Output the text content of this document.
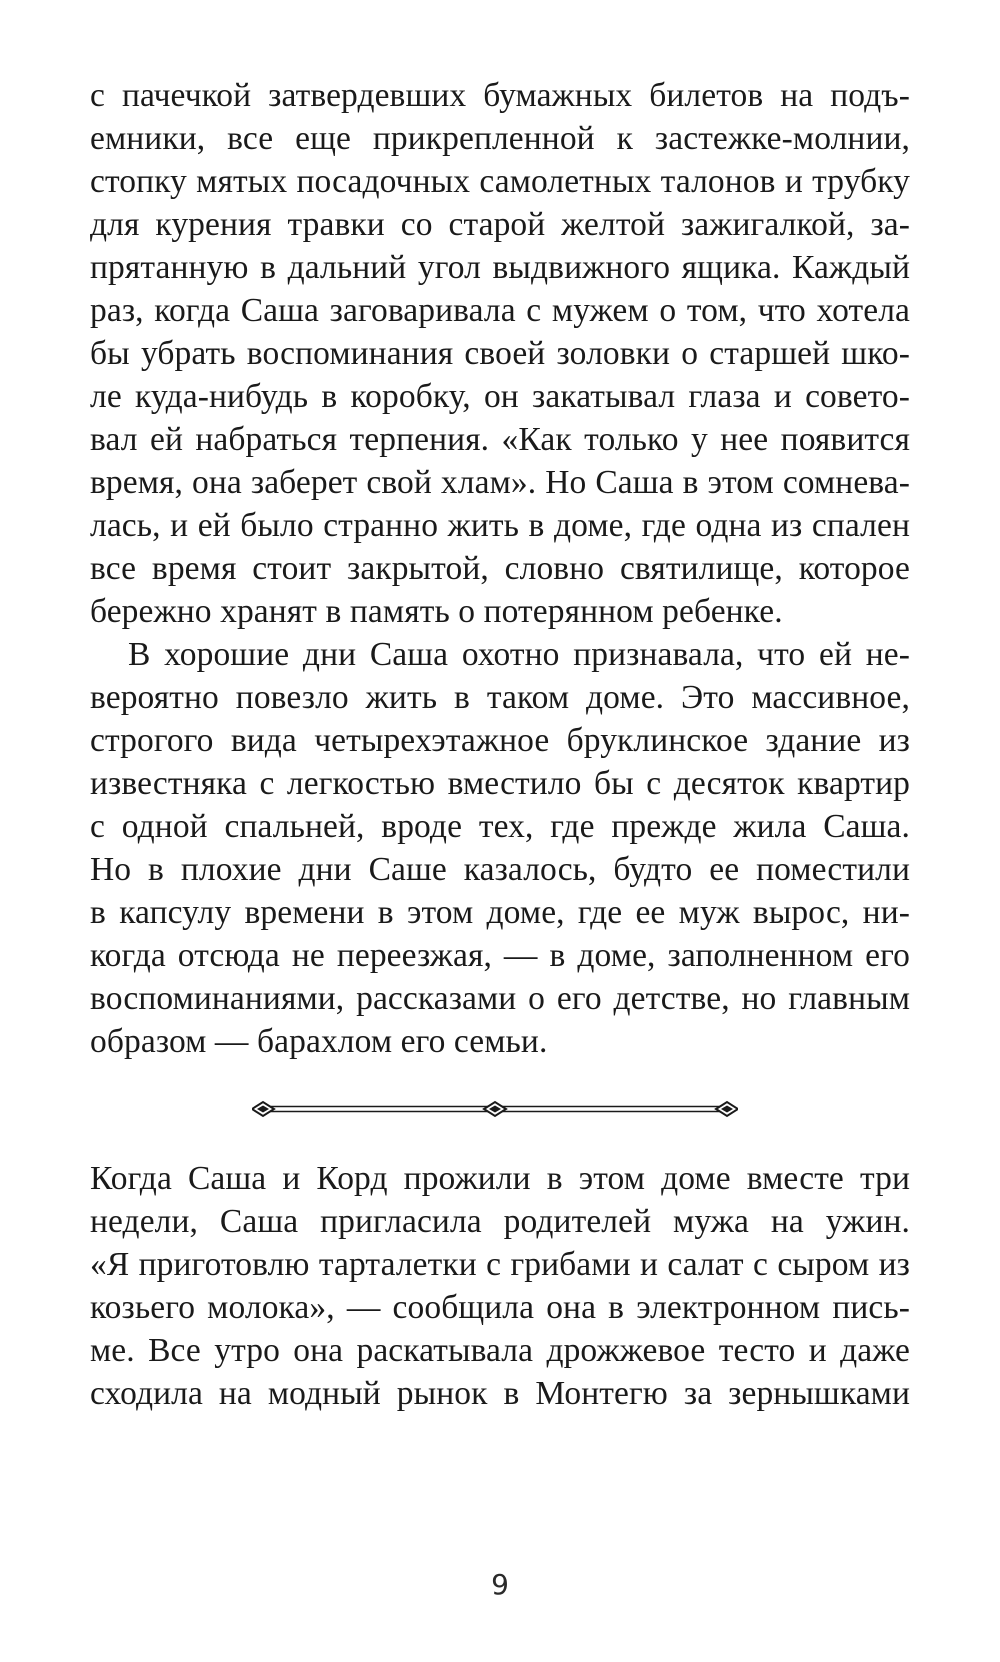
с пачечкой затвердевших бумажных билетов на подъ-
емники, все еще прикрепленной к застежке-молнии,
стопку мятых посадочных самолетных талонов и трубку
для курения травки со старой желтой зажигалкой, за-
прятанную в дальний угол выдвижного ящика. Каждый
раз, когда Саша заговаривала с мужем о том, что хотела
бы убрать воспоминания своей золовки о старшей шко-
ле куда-нибудь в коробку, он закатывал глаза и совето-
вал ей набраться терпения. «Как только у нее появится
время, она заберет свой хлам». Но Саша в этом сомнева-
лась, и ей было странно жить в доме, где одна из спален
все время стоит закрытой, словно святилище, которое
бережно хранят в память о потерянном ребенке.
В хорошие дни Саша охотно признавала, что ей не-
вероятно повезло жить в таком доме. Это массивное,
строгого вида четырехэтажное бруклинское здание из
известняка с легкостью вместило бы с десяток квартир
с одной спальней, вроде тех, где прежде жила Саша.
Но в плохие дни Саше казалось, будто ее поместили
в капсулу времени в этом доме, где ее муж вырос, ни-
когда отсюда не переезжая, — в доме, заполненном его
воспоминаниями, рассказами о его детстве, но главным
образом — барахлом его семьи.
Когда Саша и Корд прожили в этом доме вместе три
недели, Саша пригласила родителей мужа на ужин.
«Я приготовлю тарталетки с грибами и салат с сыром из
козьего молока», — сообщила она в электронном пись-
ме. Все утро она раскатывала дрожжевое тесто и даже
сходила на модный рынок в Монтегю за зернышками
9
